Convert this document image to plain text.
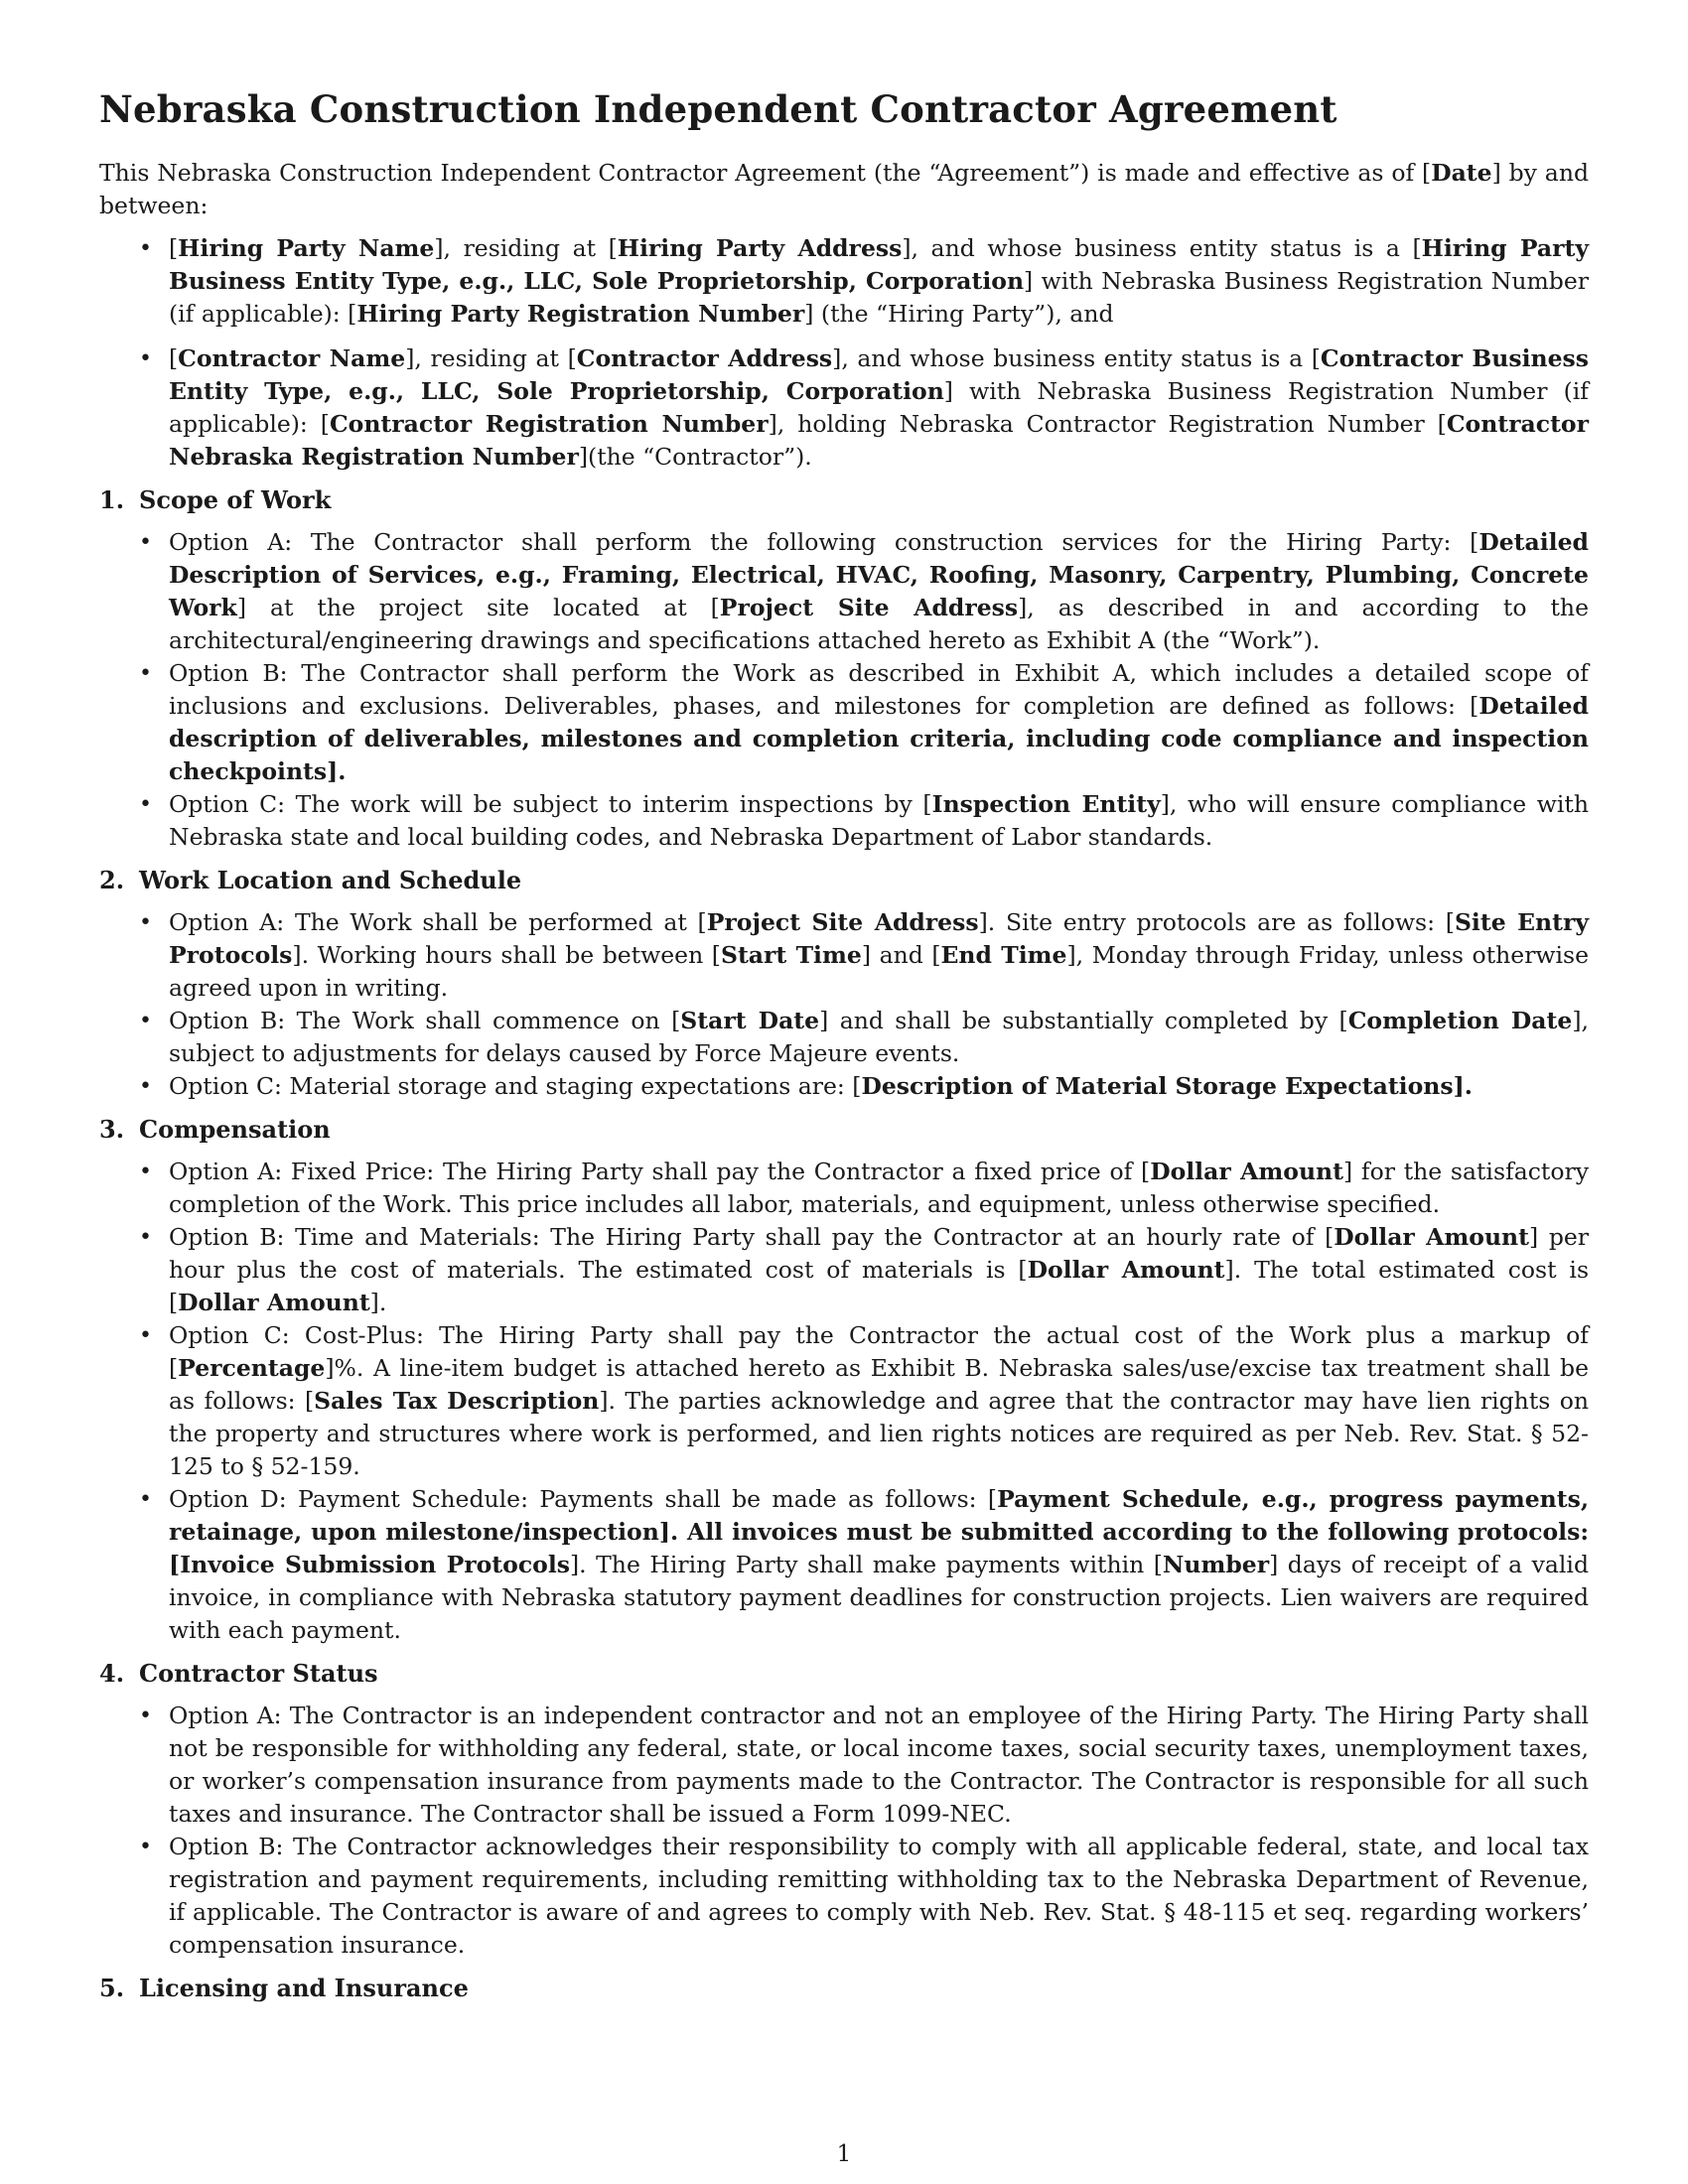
Nebraska Construction Independent Contractor Agreement

This Nebraska Construction Independent Contractor Agreement (the “Agreement”) is made and effective as of [Date] by and between:

• [Hiring Party Name], residing at [Hiring Party Address], and whose business entity status is a [Hiring Party Business Entity Type, e.g., LLC, Sole Proprietorship, Corporation] with Nebraska Business Registration Number (if applicable): [Hiring Party Registration Number] (the “Hiring Party”), and
• [Contractor Name], residing at [Contractor Address], and whose business entity status is a [Contractor Business Entity Type, e.g., LLC, Sole Proprietorship, Corporation] with Nebraska Business Registration Number (if applicable): [Contractor Registration Number], holding Nebraska Contractor Registration Number [Contractor Nebraska Registration Number](the “Contractor”).
1. Scope of Work
• Option A: The Contractor shall perform the following construction services for the Hiring Party: [Detailed Description of Services, e.g., Framing, Electrical, HVAC, Roofing, Masonry, Carpentry, Plumbing, Concrete Work] at the project site located at [Project Site Address], as described in and according to the architectural/engineering drawings and specifications attached hereto as Exhibit A (the “Work”).
• Option B: The Contractor shall perform the Work as described in Exhibit A, which includes a detailed scope of inclusions and exclusions. Deliverables, phases, and milestones for completion are defined as follows: [Detailed description of deliverables, milestones and completion criteria, including code compliance and inspection checkpoints].
• Option C: The work will be subject to interim inspections by [Inspection Entity], who will ensure compliance with Nebraska state and local building codes, and Nebraska Department of Labor standards.
2. Work Location and Schedule
• Option A: The Work shall be performed at [Project Site Address]. Site entry protocols are as follows: [Site Entry Protocols]. Working hours shall be between [Start Time] and [End Time], Monday through Friday, unless otherwise agreed upon in writing.
• Option B: The Work shall commence on [Start Date] and shall be substantially completed by [Completion Date], subject to adjustments for delays caused by Force Majeure events.
• Option C: Material storage and staging expectations are: [Description of Material Storage Expectations].
3. Compensation
• Option A: Fixed Price: The Hiring Party shall pay the Contractor a fixed price of [Dollar Amount] for the satisfactory completion of the Work. This price includes all labor, materials, and equipment, unless otherwise specified.
• Option B: Time and Materials: The Hiring Party shall pay the Contractor at an hourly rate of [Dollar Amount] per hour plus the cost of materials. The estimated cost of materials is [Dollar Amount]. The total estimated cost is [Dollar Amount].
• Option C: Cost-Plus: The Hiring Party shall pay the Contractor the actual cost of the Work plus a markup of [Percentage]%. A line-item budget is attached hereto as Exhibit B. Nebraska sales/use/excise tax treatment shall be as follows: [Sales Tax Description]. The parties acknowledge and agree that the contractor may have lien rights on the property and structures where work is performed, and lien rights notices are required as per Neb. Rev. Stat. § 52-125 to § 52-159.
• Option D: Payment Schedule: Payments shall be made as follows: [Payment Schedule, e.g., progress payments, retainage, upon milestone/inspection]. All invoices must be submitted according to the following protocols: [Invoice Submission Protocols]. The Hiring Party shall make payments within [Number] days of receipt of a valid invoice, in compliance with Nebraska statutory payment deadlines for construction projects. Lien waivers are required with each payment.
4. Contractor Status
• Option A: The Contractor is an independent contractor and not an employee of the Hiring Party. The Hiring Party shall not be responsible for withholding any federal, state, or local income taxes, social security taxes, unemployment taxes, or worker’s compensation insurance from payments made to the Contractor. The Contractor is responsible for all such taxes and insurance. The Contractor shall be issued a Form 1099-NEC.
• Option B: The Contractor acknowledges their responsibility to comply with all applicable federal, state, and local tax registration and payment requirements, including remitting withholding tax to the Nebraska Department of Revenue, if applicable. The Contractor is aware of and agrees to comply with Neb. Rev. Stat. § 48-115 et seq. regarding workers’ compensation insurance.
5. Licensing and Insurance
1
